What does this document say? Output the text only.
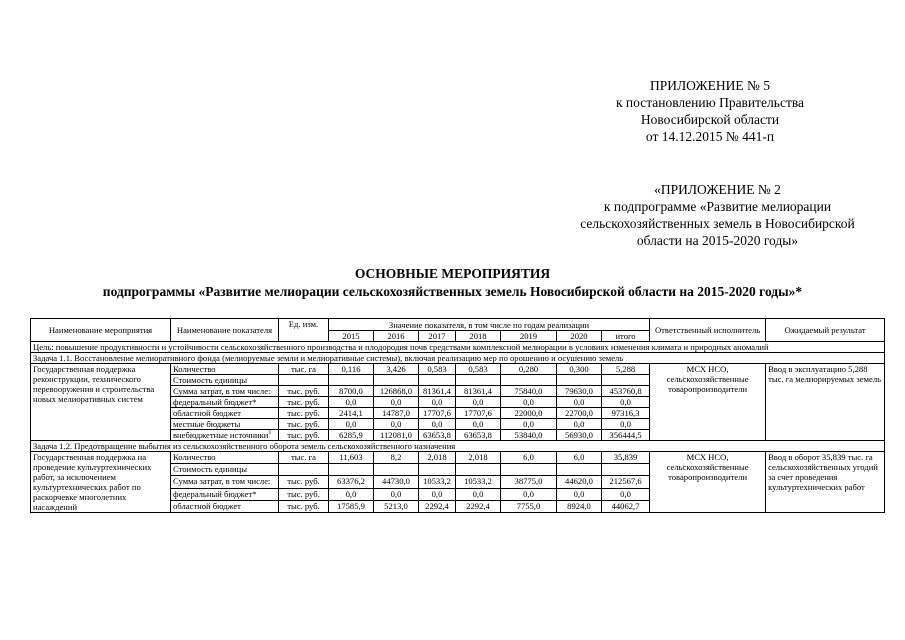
ПРИЛОЖЕНИЕ № 5
к постановлению Правительства
Новосибирской области
от 14.12.2015 № 441-п
«ПРИЛОЖЕНИЕ № 2
к подпрограмме «Развитие мелиорации
сельскохозяйственных земель в Новосибирской
области на 2015-2020 годы»
ОСНОВНЫЕ МЕРОПРИЯТИЯ
подпрограммы «Развитие мелиорации сельскохозяйственных земель Новосибирской области на 2015-2020 годы»*
Наименование мероприятия	Наименование показателя	Ед. изм.	Значение показателя, в том числе по годам реализации							Ответственный исполнитель	Ожидаемый результат
			2015	2016	2017	2018	2019	2020	итого		
Цель: повышение продуктивности и устойчивости сельскохозяйственного производства и плодородия почв средствами комплексной мелиорации в условиях изменения климата и природных аномалий											
Задача 1.1. Восстановление мелиоративного фонда (мелиоруемые земли и мелиоративные системы), включая реализацию мер по орошению и осушению земель											
Государственная поддержка реконструкции, технического перевооружения и строительства новых мелиоративных систем	Количество	тыс. га	0,116	3,426	0,583	0,583	0,280	0,300	5,288	МСХ НСО, сельскохозяйственные товаропроизводители	Ввод в эксплуатацию 5,288 тыс. га мелиорируемых земель
	Стоимость единицы										
	Сумма затрат, в том числе:	тыс. руб.	8700,0	126868,0	81361,4	81361,4	75840,0	79630,0	453760,8		
	федеральный бюджет*	тыс. руб.	0,0	0,0	0,0	0,0	0,0	0,0	0,0		
	областной бюджет	тыс. руб.	2414,1	14787,0	17707,6	17707,6	22000,0	22700,0	97316,3		
	местные бюджеты	тыс. руб.	0,0	0,0	0,0	0,0	0,0	0,0	0,0		
	внебюджетные источники$^1$	тыс. руб.	6285,9	112081,0	63653,8	63653,8	53840,0	56930,0	356444,5		
Задача 1.2. Предотвращение выбытия из сельскохозяйственного оборота земель сельскохозяйственного назначения											
Государственная поддержка на проведение культуртехнических работ, за исключением культуртехнических работ по раскорчевке многолетних насаждений	Количество	тыс. га	11,603	8,2	2,018	2,018	6,0	6,0	35,839	МСХ НСО, сельскохозяйственные товаропроизводители	Ввод в оборот 35,839 тыс. га сельскохозяйственных угодий за счет проведения культуртехнических работ
	Стоимость единицы										
	Сумма затрат, в том числе:	тыс. руб.	63376,2	44730,0	10533,2	10533,2	38775,0	44620,0	212567,6		
	федеральный бюджет*	тыс. руб.	0,0	0,0	0,0	0,0	0,0	0,0	0,0		
	областной бюджет	тыс. руб.	17585,9	5213,0	2292,4	2292,4	7755,0	8924,0	44062,7		
